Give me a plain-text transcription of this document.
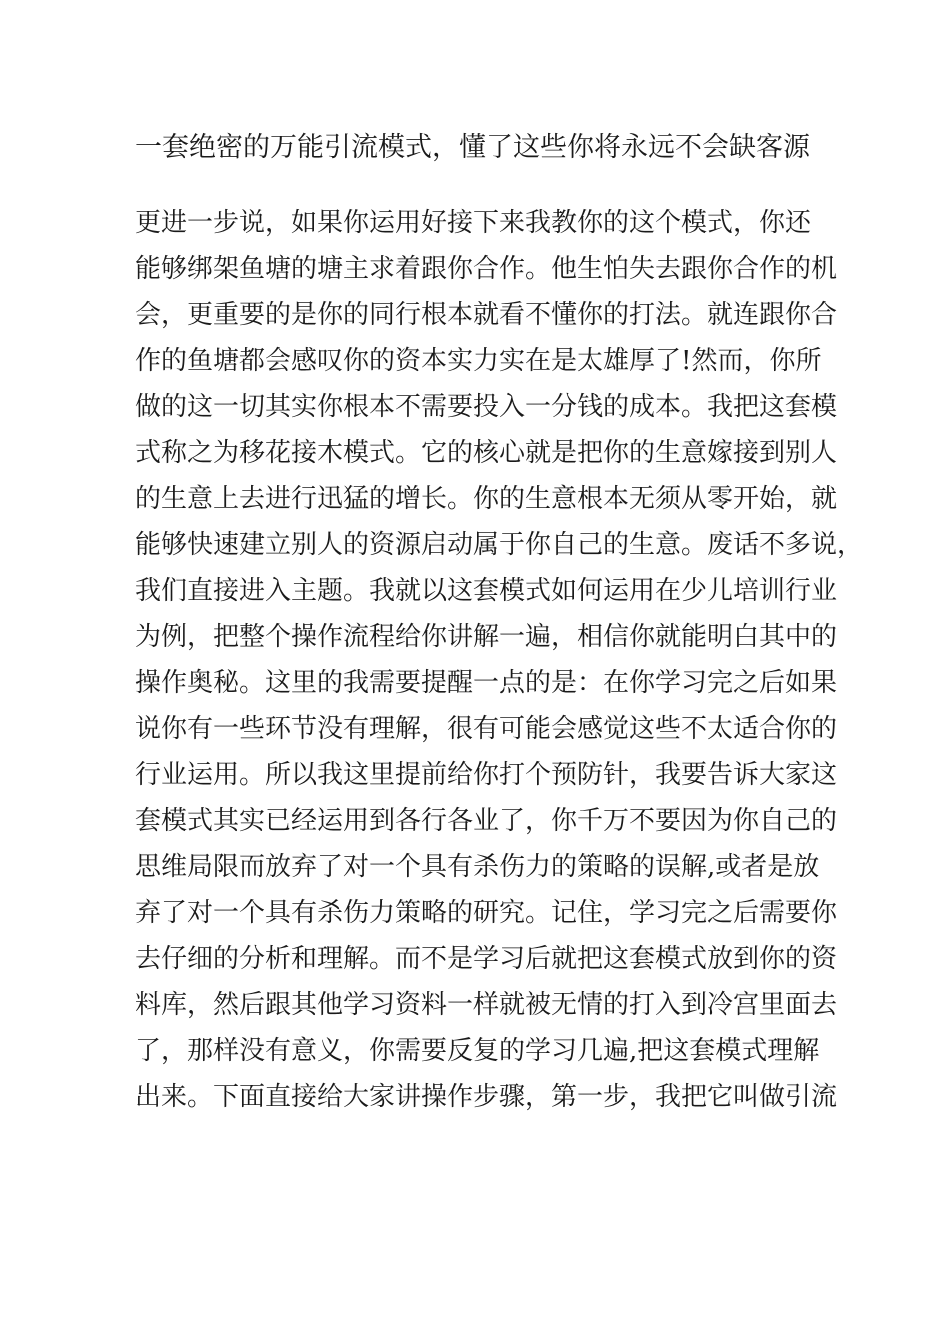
一套绝密的万能引流模式，懂了这些你将永远不会缺客源
更进一步说，如果你运用好接下来我教你的这个模式，你还
能够绑架鱼塘的塘主求着跟你合作。他生怕失去跟你合作的机
会，更重要的是你的同行根本就看不懂你的打法。就连跟你合
作的鱼塘都会感叹你的资本实力实在是太雄厚了!然而，你所
做的这一切其实你根本不需要投入一分钱的成本。我把这套模
式称之为移花接木模式。它的核心就是把你的生意嫁接到别人
的生意上去进行迅猛的增长。你的生意根本无须从零开始，就
能够快速建立别人的资源启动属于你自己的生意。废话不多说，
我们直接进入主题。我就以这套模式如何运用在少儿培训行业
为例，把整个操作流程给你讲解一遍，相信你就能明白其中的
操作奥秘。这里的我需要提醒一点的是：在你学习完之后如果
说你有一些环节没有理解，很有可能会感觉这些不太适合你的
行业运用。所以我这里提前给你打个预防针，我要告诉大家这
套模式其实已经运用到各行各业了，你千万不要因为你自己的
思维局限而放弃了对一个具有杀伤力的策略的误解,或者是放
弃了对一个具有杀伤力策略的研究。记住，学习完之后需要你
去仔细的分析和理解。而不是学习后就把这套模式放到你的资
料库，然后跟其他学习资料一样就被无情的打入到冷宫里面去
了，那样没有意义，你需要反复的学习几遍,把这套模式理解
出来。下面直接给大家讲操作步骤，第一步，我把它叫做引流
